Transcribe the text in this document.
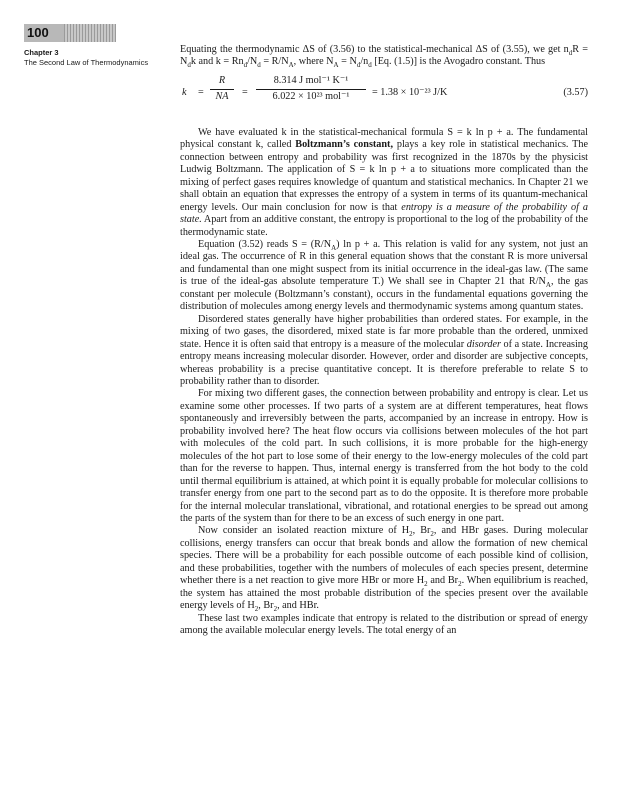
100
Chapter 3
The Second Law of Thermodynamics

Equating the thermodynamic ΔS of (3.56) to the statistical-mechanical ΔS of (3.55), we get $n_dR = N_dk$ and $k = Rn_d/N_d = R/N_A$, where $N_A = N_d/n_d$ [Eq. (1.5)] is the Avogadro constant. Thus

$k = \frac{R}{NA}$ =
8.314 J mol⁻¹ K⁻¹
6.022 × 10²³ mol⁻¹	= 1.38 × 10⁻²³ J/K	(3.57)

We have evaluated k in the statistical-mechanical formula S = k ln p + a. The fundamental physical constant k, called Boltzmann’s constant, plays a key role in statistical mechanics. The connection between entropy and probability was first recognized in the 1870s by the physicist Ludwig Boltzmann. The application of S = k ln p + a to situations more complicated than the mixing of perfect gases requires knowledge of quantum and statistical mechanics. In Chapter 21 we shall obtain an equation that expresses the entropy of a system in terms of its quantum-mechanical energy levels. Our main conclusion for now is that entropy is a measure of the probability of a state. Apart from an additive constant, the entropy is proportional to the log of the probability of the thermodynamic state.

Equation (3.52) reads $S = (R/N_A)$ ln p + a. This relation is valid for any system, not just an ideal gas. The occurrence of R in this general equation shows that the constant R is more universal and fundamental than one might suspect from its initial occurrence in the ideal-gas law. (The same is true of the ideal-gas absolute temperature T.) We shall see in Chapter 21 that $R/N_A$, the gas constant per molecule (Boltzmann’s constant), occurs in the fundamental equations governing the distribution of molecules among energy levels and thermodynamic systems among quantum states.

Disordered states generally have higher probabilities than ordered states. For example, in the mixing of two gases, the disordered, mixed state is far more probable than the ordered, unmixed state. Hence it is often said that entropy is a measure of the molecular disorder of a state. Increasing entropy means increasing molecular disorder. However, order and disorder are subjective concepts, whereas probability is a precise quantitative concept. It is therefore preferable to relate S to probability rather than to disorder.

For mixing two different gases, the connection between probability and entropy is clear. Let us examine some other processes. If two parts of a system are at different temperatures, heat flows spontaneously and irreversibly between the parts, accompanied by an increase in entropy. How is probability involved here? The heat flow occurs via collisions between molecules of the hot part with molecules of the cold part. In such collisions, it is more probable for the high-energy molecules of the hot part to lose some of their energy to the low-energy molecules of the cold part than for the reverse to happen. Thus, internal energy is transferred from the hot body to the cold until thermal equilibrium is attained, at which point it is equally probable for molecular collisions to transfer energy from one part to the second part as to do the opposite. It is therefore more probable for the internal molecular translational, vibrational, and rotational energies to be spread out among the parts of the system than for there to be an excess of such energy in one part.

Now consider an isolated reaction mixture of $H_2$, $Br_2$, and HBr gases. During molecular collisions, energy transfers can occur that break bonds and allow the formation of new chemical species. There will be a probability for each possible outcome of each possible kind of collision, and these probabilities, together with the numbers of molecules of each species present, determine whether there is a net reaction to give more HBr or more $H_2$ and $Br_2$. When equilibrium is reached, the system has attained the most probable distribution of the species present over the available energy levels of $H_2$, $Br_2$, and HBr.

These last two examples indicate that entropy is related to the distribution or spread of energy among the available molecular energy levels. The total energy of an
